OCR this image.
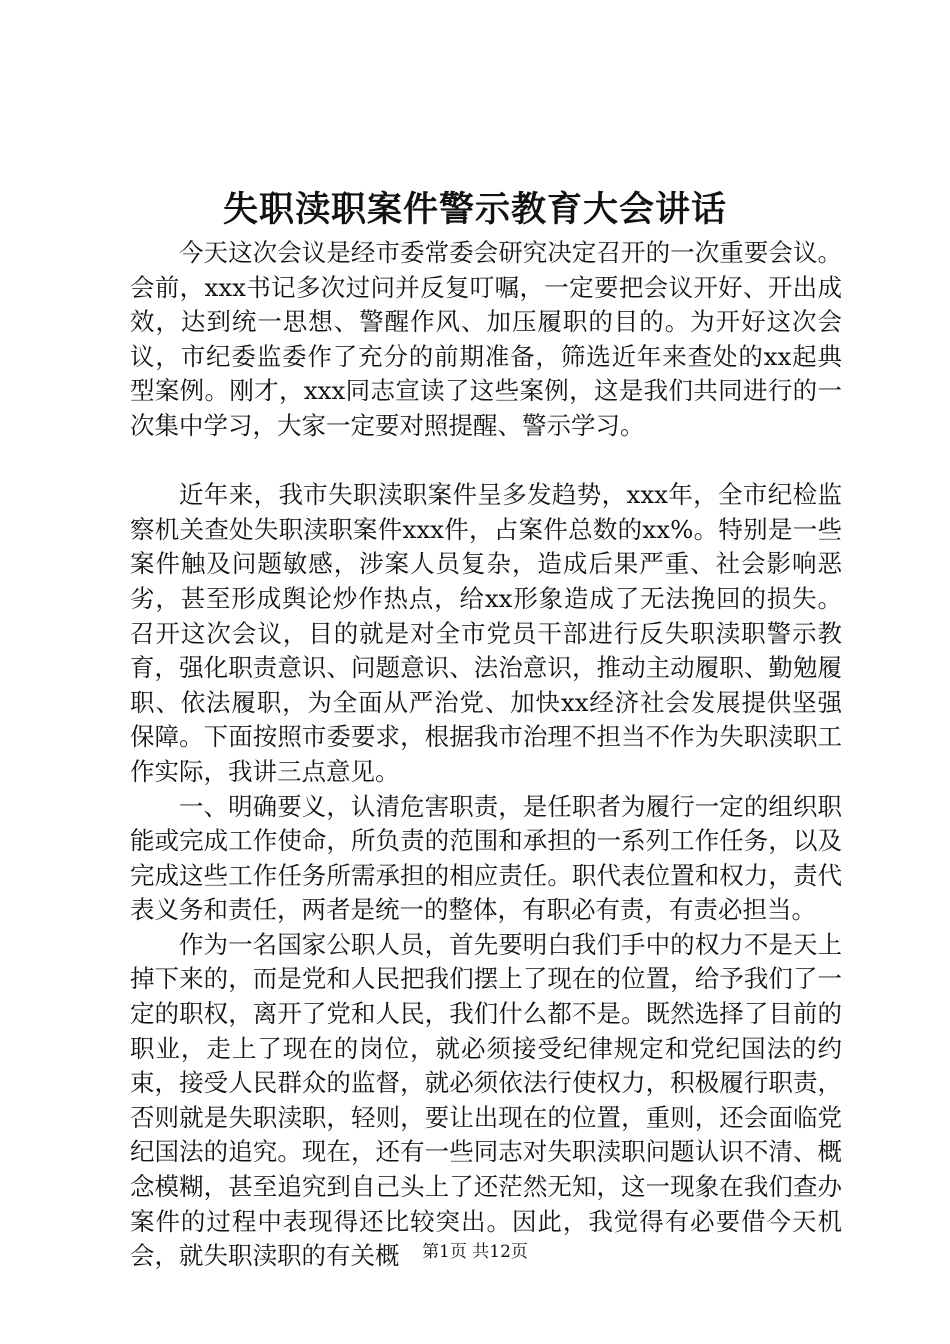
失职渎职案件警示教育大会讲话

今天这次会议是经市委常委会研究决定召开的一次重要会议。会前，xxx书记多次过问并反复叮嘱，一定要把会议开好、开出成效，达到统一思想、警醒作风、加压履职的目的。为开好这次会议，市纪委监委作了充分的前期准备，筛选近年来查处的xx起典型案例。刚才，xxx同志宣读了这些案例，这是我们共同进行的一次集中学习，大家一定要对照提醒、警示学习。

近年来，我市失职渎职案件呈多发趋势，xxx年，全市纪检监察机关查处失职渎职案件xxx件，占案件总数的xx%。特别是一些案件触及问题敏感，涉案人员复杂，造成后果严重、社会影响恶劣，甚至形成舆论炒作热点，给xx形象造成了无法挽回的损失。召开这次会议，目的就是对全市党员干部进行反失职渎职警示教育，强化职责意识、问题意识、法治意识，推动主动履职、勤勉履职、依法履职，为全面从严治党、加快xx经济社会发展提供坚强保障。下面按照市委要求，根据我市治理不担当不作为失职渎职工作实际，我讲三点意见。

一、明确要义，认清危害职责，是任职者为履行一定的组织职能或完成工作使命，所负责的范围和承担的一系列工作任务，以及完成这些工作任务所需承担的相应责任。职代表位置和权力，责代表义务和责任，两者是统一的整体，有职必有责，有责必担当。

作为一名国家公职人员，首先要明白我们手中的权力不是天上掉下来的，而是党和人民把我们摆上了现在的位置，给予我们了一定的职权，离开了党和人民，我们什么都不是。既然选择了目前的职业，走上了现在的岗位，就必须接受纪律规定和党纪国法的约束，接受人民群众的监督，就必须依法行使权力，积极履行职责，否则就是失职渎职，轻则，要让出现在的位置，重则，还会面临党纪国法的追究。现在，还有一些同志对失职渎职问题认识不清、概念模糊，甚至追究到自己头上了还茫然无知，这一现象在我们查办案件的过程中表现得还比较突出。因此，我觉得有必要借今天机会，就失职渎职的有关概	第1页 共12页
